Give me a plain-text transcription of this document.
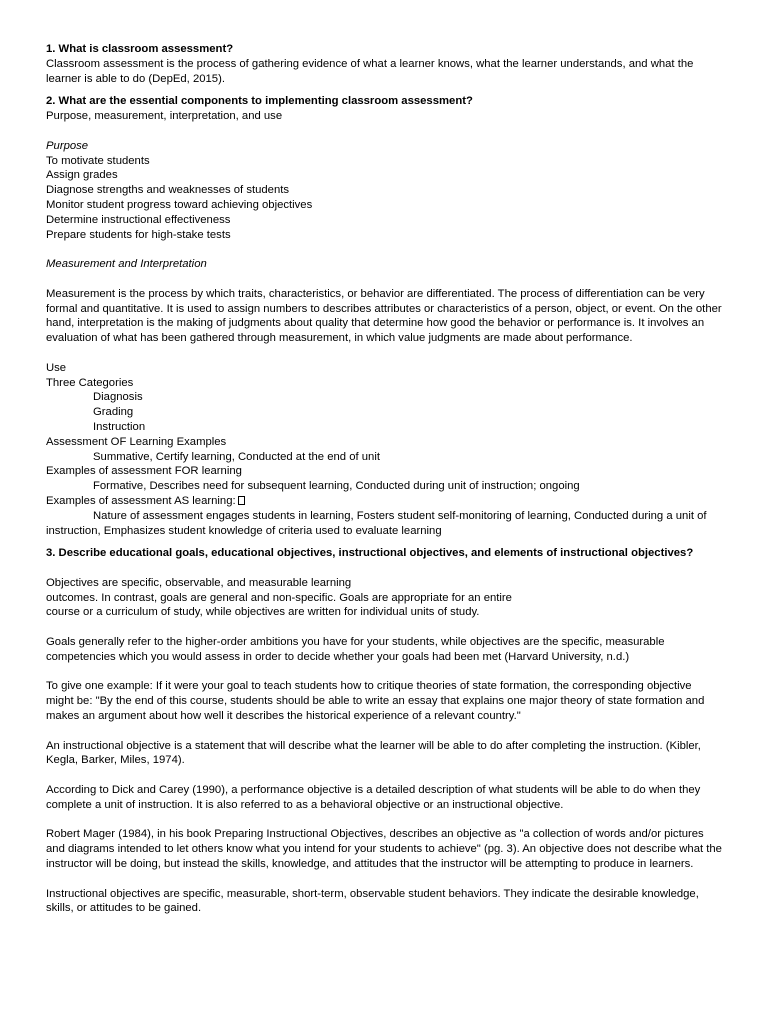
1. What is classroom assessment?

Classroom assessment is the process of gathering evidence of what a learner knows, what the learner understands, and what the learner is able to do (DepEd, 2015).

2. What are the essential components to implementing classroom assessment?

Purpose, measurement, interpretation, and use

Purpose

To motivate students

Assign grades

Diagnose strengths and weaknesses of students

Monitor student progress toward achieving objectives

Determine instructional effectiveness

Prepare students for high-stake tests

Measurement and Interpretation

Measurement is the process by which traits, characteristics, or behavior are differentiated. The process of differentiation can be very formal and quantitative. It is used to assign numbers to describes attributes or characteristics of a person, object, or event. On the other hand, interpretation is the making of judgments about quality that determine how good the behavior or performance is. It involves an evaluation of what has been gathered through measurement, in which value judgments are made about performance.

Use

Three Categories

Diagnosis

Grading

Instruction

Assessment OF Learning Examples

Summative, Certify learning, Conducted at the end of unit

Examples of assessment FOR learning

Formative, Describes need for subsequent learning, Conducted during unit of instruction; ongoing

Examples of assessment AS learning:

Nature of assessment engages students in learning, Fosters student self-monitoring of learning, Conducted during a unit of instruction, Emphasizes student knowledge of criteria used to evaluate learning

3. Describe educational goals, educational objectives, instructional objectives, and elements of instructional objectives?

Objectives are specific, observable, and measurable learning

outcomes. In contrast, goals are general and non-specific. Goals are appropriate for an entire

course or a curriculum of study, while objectives are written for individual units of study.

Goals generally refer to the higher-order ambitions you have for your students, while objectives are the specific, measurable competencies which you would assess in order to decide whether your goals had been met (Harvard University, n.d.)

To give one example: If it were your goal to teach students how to critique theories of state formation, the corresponding objective might be: "By the end of this course, students should be able to write an essay that explains one major theory of state formation and makes an argument about how well it describes the historical experience of a relevant country."

An instructional objective is a statement that will describe what the learner will be able to do after completing the instruction. (Kibler, Kegla, Barker, Miles, 1974).

According to Dick and Carey (1990), a performance objective is a detailed description of what students will be able to do when they complete a unit of instruction. It is also referred to as a behavioral objective or an instructional objective.

Robert Mager (1984), in his book Preparing Instructional Objectives, describes an objective as "a collection of words and/or pictures and diagrams intended to let others know what you intend for your students to achieve" (pg. 3). An objective does not describe what the instructor will be doing, but instead the skills, knowledge, and attitudes that the instructor will be attempting to produce in learners.

Instructional objectives are specific, measurable, short-term, observable student behaviors. They indicate the desirable knowledge, skills, or attitudes to be gained.
